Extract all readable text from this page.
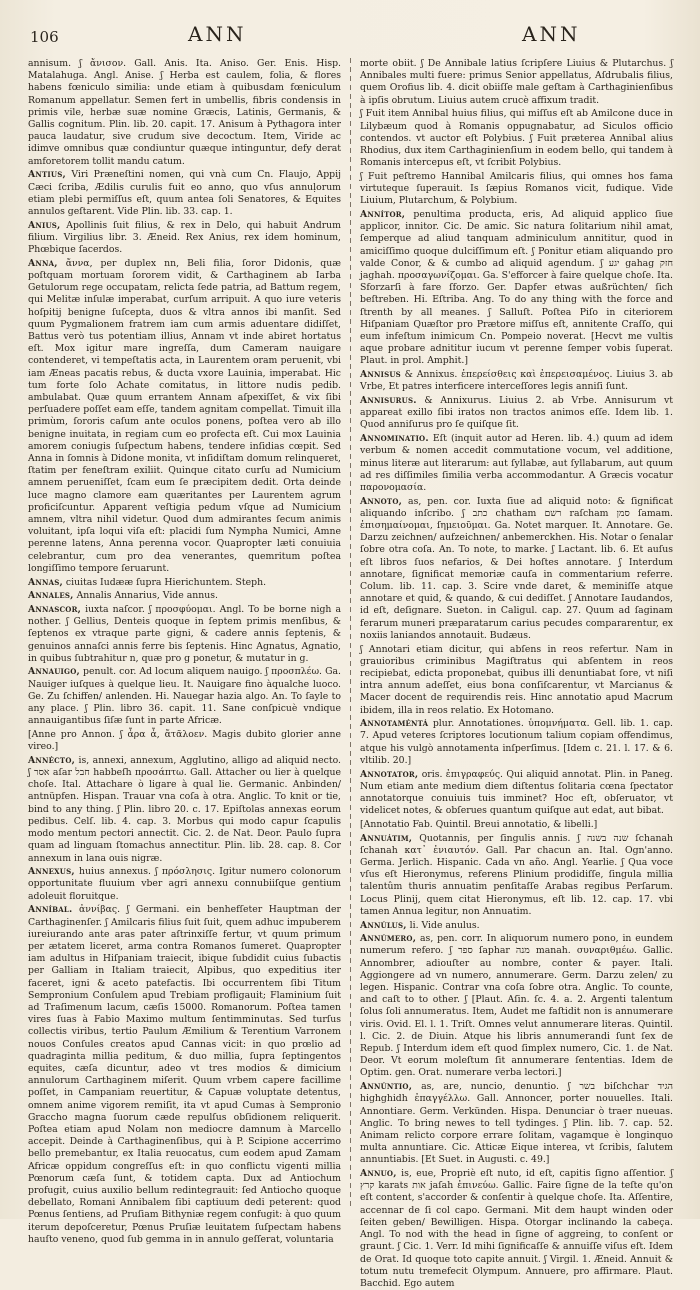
106	ANN	ANN

annisum. ʃ ἄνισον. Gall. Anis. Ita. Aniso. Ger. Enis. Hisp. Matalahuga. Angl. Anise. ʃ Herba est caulem, folia, & flores habens fœniculo similia: unde etiam à quibusdam fœniculum Romanum appellatur. Semen fert in umbellis, fibris condensis in primis vile, herbæ suæ nomine Græcis, Latinis, Germanis, & Gallis cognitum. Plin. lib. 20. capit. 17. Anisum à Pythagora inter pauca laudatur, sive crudum sive decoctum. Item, Viride ac idimve omnibus quæ condiuntur quæque intinguntur, defy derat amforetorem tollit mandu catum.

Antius, Viri Præneſtini nomen, qui vnà cum Cn. Flaujo, Appij Cæci ſcriba, Ædilis curulis fuit eo anno, quo vſus annuḷorum etiam plebi permiſſus eſt, quum antea ſoli Senatores, & Equites annulos geſtarent. Vide Plin. lib. 33. cap. 1.

Anius, Apollinis ſuit filius, & rex in Delo, qui habuit Andrum filium. Virgilius libr. 3. Æneid. Rex Anius, rex idem hominum, Phœbique ſacerdos.

Anna, ἄννα, per duplex nn, Beli filia, ſoror Didonis, quæ poſtquam mortuam ſororem vidit, & Carthaginem ab Iarba Getulorum rege occupatam, relicta ſede patria, ad Battum regem, qui Melitæ inſulæ imperabat, curſum arripuit. A quo iure veteris hoſpitij benigne ſuſcepta, duos & vltra annos ibi manſit. Sed quum Pygmalionem fratrem iam cum armis aduentare didiſſet, Battus verò tus potentiam illius, Annam vt inde abiret hortatus eſt. Mox igitur mare ingreſſa, dum Cameram nauigare contenderet, vi tempeſtatis acta, in Laurentem oram peruenit, vbi iam Æneas pacatis rebus, & ducta vxore Lauinia, imperabat. Hic tum forte ſolo Achate comitatus, in littore nudis pedib. ambulabat. Quæ quum errantem Annam aſpexiſſet, & vix ſibi perſuadere poſſet eam eſſe, tandem agnitam compellat. Timuit illa primùm, ſororis caſum ante oculos ponens, poſtea vero ab illo benigne inuitata, in regiam cum eo profecta eſt. Cui mox Lauinia amorem coniugis ſuſpectum habens, tendere inſidias cœpit. Sed Anna in ſomnis à Didone monita, vt inſidiſtam domum relinqueret, ſtatim per feneſtram exiliit. Quinque citato curſu ad Numicium amnem perueniſſet, ſcam eum ſe præcipitem dedit. Orta deinde luce magno clamore eam quæritantes per Laurentem agrum proficiſcuntur. Apparent veſtigia pedum vſque ad Numicium amnem, vltra nihil videtur. Quod dum admirantes ſecum animis voluitant, ipſa loqui viſa eſt: placidi ſum Nympha Numici, Amne perenne latens, Anna perenna vocor. Quapropter læti conuiuia celebrantur, cum pro dea venerantes, quemritum poſtea longiſſimo tempore ſeruarunt.

Annas, ciuitas Iudææ ſupra Hierichuntem. Steph.

Annales, Annalis Annarius, Vide annus.

Annaſcor, iuxta naſcor. ʃ προσφύομαι. Angl. To be borne nigh a nother. ʃ Gellius, Denteis quoque in ſeptem primis menſibus, & ſeptenos ex vtraque parte gigni, & cadere annis ſeptenis, & genuinos annaſci annis ferre bis ſeptenis. Hinc Agnatus, Agnatio, in quibus ſubtrahitur n, quæ pro g ponetur, & mutatur in g.

Annauigo, penult. cor. Ad locum aliquem nauigo. ʃ προσπλέω. Ga. Nauiger iuſques à quelque lieu. It. Nauigare fino àqualche luoco. Ge. Zu ſchiffen/ anlenden. Hi. Nauegar hazia algo. An. To ſayle to any place. ʃ Plin. libro 36. capit. 11. Sane conſpicuè vndique annauigantibus ſiſæ ſunt in parte Africæ.

[Anne pro Annon. ʃ ἆρα ἆ, ἄτᾶλοεν. Magis dubito glorier anne vireo.]

Annécto, is, annexi, annexum, Agglutino, alligo ad aliquid necto. ʃ אסר aſar חבל habbeſh προσάπτω. Gall. Attacher ou lier à quelque choſe. Ital. Attachare ò ligare à qual lie. Germanic. Anbinden/ antnüpfen. Hispan. Trauar vna coſa à otra. Anglic. To knit or tie, bind to any thing. ʃ Plin. libro 20. c. 17. Epiſtolas annexas eorum pedibus. Celſ. lib. 4. cap. 3. Morbus qui modo capur ſcapulis modo mentum pectori annectit. Cic. 2. de Nat. Deor. Paulo ſupra quam ad linguam ſtomachus annectitur. Plin. lib. 28. cap. 8. Cor annexum in lana ouis nigræ.

Annexus, huius annexus. ʃ πρόσλησις. Igitur numero colonorum opportunitate fluuium vber agri annexu connubiiſque gentium adoleuit floruitque.

Anníbal. ἀννίβας. ʃ Germani. ein benhefſeter Hauptman der Carthaginenſer. ʃ Amilcaris filius ſuit ſuit, quem adhuc impuberem iureiurando ante aras pater aſtrinxiſſe fertur, vt quum primum per ætatem liceret, arma contra Romanos ſumeret. Quapropter iam adultus in Hiſpaniam traiecit, ibique ſubdidit cuius ſubactis per Galliam in Italiam traiecit, Alpibus, quo expeditius iter faceret, igni & aceto patefactis. Ibi occurrentem ſibi Titum Sempronium Conſulem apud Trebiam profligauit; Flaminium ſuit ad Traſimenum lacum, cæſis 15000. Romanorum. Poſtea tamen vires ſuas à Fabio Maximo multum ſentimminutas. Sed turſus collectis viribus, tertio Paulum Æmilium & Terentium Varronem nouos Conſules creatos apud Cannas vicit: in quo prœlio ad quadraginta millia peditum, & duo millia, ſupra ſeptingentos equites, cæſa dicuntur, adeo vt tres modios & dimicium annulorum Carthaginem miſerit. Quum vrbem capere facillime poſſet, in Campaniam reuertitur, & Capuæ voluptate detentus, omnem anime vigorem remiſit, ita vt apud Cumas à Sempronio Graccho magna ſuorum cæde repulſus obſidionem reliquerit. Poſtea etiam apud Nolam non mediocre damnum à Marcello accepit. Deinde à Carthaginenſibus, qui à P. Scipione accerrimo bello premebantur, ex Italia reuocatus, cum eodem apud Zamam Africæ oppidum congreſſus eſt: in quo conflictu vigenti millia Pœnorum cæſa ſunt, & totidem capta. Dux ad Antiochum profugit, cuius auxilio bellum redintegrauit: ſed Antiocho quoque debellato, Romani Annibalem ſibi captiuum dedi peterent: quod Pœnus ſentiens, ad Pruſiam Bithyniæ regem confugit: à quo quum iterum depoſceretur, Pœnus Pruſiæ leuitatem ſuſpectam habens hauſto veneno, quod ſub gemma in in annulo geſſerat, voluntaria

morte obiit. ʃ De Annibale latius ſcripſere Liuius & Plutarchus. ʃ Annibales multi fuere: primus Senior appellatus, Aſdrubalis filius, quem Orofius lib. 4. dicit obiiſſe male geſtam à Carthaginienſibus à ipſis obrutum. Liuius autem crucè affixum tradit.

ʃ Fuit item Annibal huius filius, qui miſſus eſt ab Amilcone duce in Lilybæum quod à Romanis oppugnabatur, ad Siculos officio contendos. vt auctor eſt Polybius. ʃ Fuit præterea Annibal alius Rhodius, dux item Carthaginienſium in eodem bello, qui tandem à Romanis intercepus eſt, vt ſcribit Polybius.

ʃ Fuit peſtremo Hannibal Amilcaris filius, qui omnes hos fama virtuteque ſuperauit. Is ſæpius Romanos vicit, fudique. Vide Liuium, Plutarchum, & Polybium.

Annítor, penultima producta, eris, Ad aliquid applico ſiue applicor, innitor. Cic. De amic. Sic natura ſolitarium nihil amat, ſemperque ad aliud tanquam adminiculum annititur, quod in amiciſſimo quoque dulciſſimum eſt. ʃ Ponitur etiam aliquando pro valde Conor, & & cumbo ad aliquid agendum. ʃ יגע gahag חזק jaghah. προσαγωνίζομαι. Ga. S'efforcer à faire quelque choſe. Ita. Sforzarſi à fare ſforzo. Ger. Dapfer etwas außrüchten/ ſich beſtreben. Hi. Eſtriba. Ang. To do any thing with the force and ſtrenth by all meanes. ʃ Salluſt. Poſtea Piſo in citeriorem Hiſpaniam Quæſtor pro Prætore miſſus eſt, annitente Craſſo, qui eum infeſtum inimicum Cn. Pompeio noverat. [Hecvt me vultis aque probare adnititur iucum vt perenne ſemper vobis ſuperat. Plaut. in prol. Amphit.]

Annisus & Annixus. ἐπερείσθεις καὶ ἐπερεισαμένος. Liuius 3. ab Vrbe, Et patres interficere interceſſores legis anniſi ſunt.

Annisurus. & Annixurus. Liuius 2. ab Vrbe. Annisurum vt appareat exillo ſibi iratos non tractos animos eſſe. Idem lib. 1. Quod anniſurus pro ſe quiſque ſit.

Annominatio. Eſt (inquit autor ad Heren. lib. 4.) quum ad idem verbum & nomen accedit commutatione vocum, vel additione, minus literæ aut literarum: aut ſyllabæ, aut ſyllabarum, aut quum ad res diſſimiles ſimilia verba accommodantur. A Græcis vocatur παρονομασία.

Annoto, as, pen. cor. Iuxta ſiue ad aliquid noto: & ſignificat aliquando inſcribo. ʃ כתב chatham רשם raſcham סמן ſamam. ἐπισημαίνομαι, ſημειοῦμαι. Ga. Notet marquer. It. Annotare. Ge. Darzu zeichnen/ aufzeichnen/ anbemerckhen. His. Notar o ſenalar ſobre otra coſa. An. To note, to marke. ʃ Lactant. lib. 6. Et auſus eſt libros ſuos nefarios, & Dei hoſtes annotare. ʃ Interdum annotare, ſignificat memoriæ cauſa in commentarium referre. Colum. lib. 11. cap. 3. Scire vnde daret, & meminiſſe atque annotare et quid, & quando, & cui dediſſet. ʃ Annotare Iaudandos, id eſt, deſignare. Sueton. in Caligul. cap. 27. Quum ad ſaginam ferarum muneri præparatarum carius pecudes compararentur, ex noxiis laniandos annotauit. Budæus.

ʃ Annotari etiam dicitur, qui abſens in reos refertur. Nam in grauioribus criminibus Magiſtratus qui abſentem in reos recipiebat, edicta proponebat, quibus illi denuntiabat ſore, vt niſi intra annum adeſſet, eius bona conſiſcarentur, vt Marcianus & Macer docent de requirendis reis. Hinc annotatio apud Macrum ibidem, illa in reos relatio. Ex Hotomano.

Annotaméntá plur. Annotationes. ὑπομνήματα. Gell. lib. 1. cap. 7. Apud veteres ſcriptores locutionum talium copiam offendimus, atque his vulgò annotamenta inſperſimus. [Idem c. 21. l. 17. & 6. vltilib. 20.]

Annotator, oris. ἐπιγραφεύς. Qui aliquid annotat. Plin. in Paneg. Num etiam ante medium diem diſtentus ſolitaria cœna ſpectator annotatorque conuiuis tuis imminet? Hoc eſt, obſeruator, vt videlicet notes, & obſerues quantum quiſque aut edat, aut bibat.

[Annotatio Fab. Quintil. Breui annotatio, & libelli.]

Annuátim, Quotannis, per ſingulis annis. ʃ שנה בשנה ſchanah ſchanah κατ᾽ ἐνιαυτόν. Gall. Par chacun an. Ital. Ogn'anno. Germa. Jerlich. Hispanic. Cada vn año. Angl. Yearlie. ʃ Qua voce vſus eſt Hieronymus, referens Plinium prodidiſſe, ſingula millia talentûm thuris annuatim penſitaſſe Arabas regibus Perſarum. Locus Plinij, quem citat Hieronymus, eſt lib. 12. cap. 17. vbi tamen Annua legitur, non Annuatim.

Annúlus, li. Vide anulus.

Annúmero, as, pen. corr. In aliquorum numero pono, in eundem numerum refero. ʃ ספר ſaphar מנה manah. συναριθμέω. Gallic. Annombrer, adiouſter au nombre, conter & payer. Itali. Aggiongere ad vn numero, annumerare. Germ. Darzu zelen/ zu legen. Hispanic. Contrar vna coſa ſobre otra. Anglic. To counte, and caſt to to other. ʃ [Plaut. Aſin. ſc. 4. a. 2. Argenti talentum ſolus ſoli annumeratus. Item, Audet me faſtidit non is annumerare viris. Ovid. El. l. 1. Triſt. Omnes velut annumerare literas. Quintil. l. Cic. 2. de Diuin. Atque his libris annumerandi ſunt ſex de Repub. ʃ Interdum idem eſt quod ſimplex numero, Cic. 1. de Nat. Deor. Vt eorum moleſtum ſit annumerare ſententias. Idem de Optim. gen. Orat. numerare verba lectori.]

Annúntio, as, are, nuncio, denuntio. ʃ בשר biſchchar הגיד highghidh ἐπαγγέλλω. Gall. Annoncer, porter nouuelles. Itali. Annontiare. Germ. Verkünden. Hispa. Denunciar ò traer nueuas. Anglic. To bring newes to tell tydinges. ʃ Plin. lib. 7. cap. 52. Animam relicto corpore errare ſolitam, vagamque è longinquo multa annuntiare. Cic. Atticæ Eique interea, vt ſcribis, ſalutem annuntiabis. [Et Suet. in Augusti. c. 49.]

Annuo, is, eue, Propriè eſt nuto, id eſt, capitis ſigno aſſentior. ʃ קרץ karats אות jaſah ἐπινεύω. Gallic. Faire ſigne de la teſte qu'on eſt content, s'accorder & conſentir à quelque choſe. Ita. Aſſentire, accennar de ſi col capo. Germani. Mit dem haupt winden oder ſeiten geben/ Bewilligen. Hispa. Otorgar inclinando la cabeça. Angl. To nod with the head in ſigne of aggreing, to conſent or graunt. ʃ Cic. 1. Verr. Id mihi ſignificaſſe & annuiſſe viſus eſt. Idem de Orat. Id quoque toto capite annuit. ʃ Virgil. 1. Æneid. Annuit & totum nutu tremefecit Olympum. Annuere, pro affirmare. Plaut. Bacchid. Ego autem
